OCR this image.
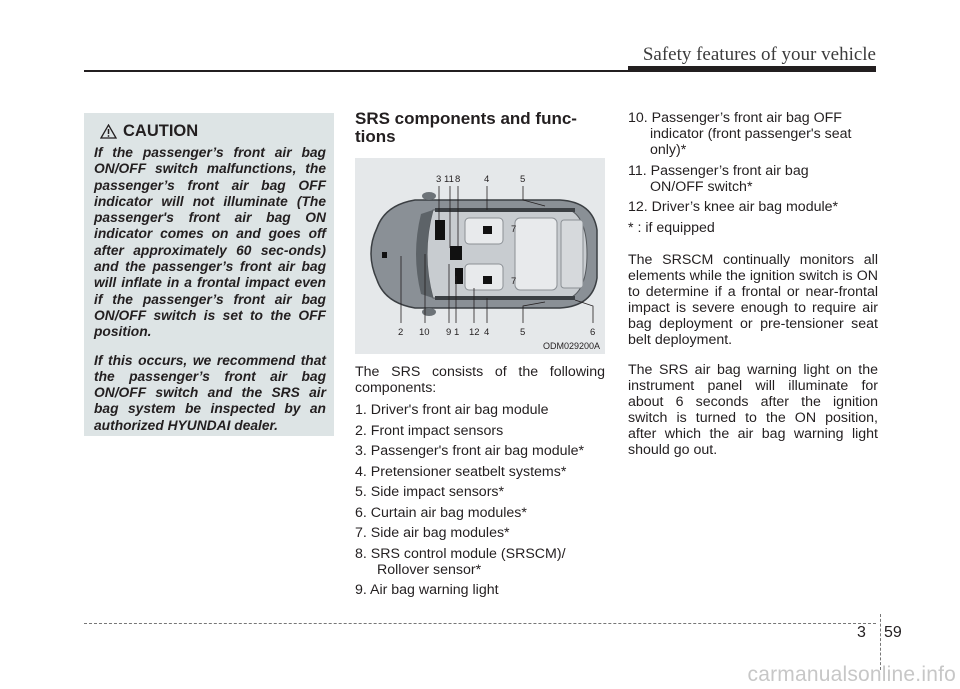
Safety features of your vehicle
CAUTION

If the passenger’s front air bag ON/OFF switch malfunctions, the passenger’s front air bag OFF indicator will not illuminate (The passenger's front air bag ON indicator comes on and goes off after approximately 60 sec-onds) and the passenger’s front air bag will inflate in a frontal impact even if the passenger’s front air bag ON/OFF switch is set to the OFF position.

If this occurs, we recommend that the passenger’s front air bag ON/OFF switch and the SRS air bag system be inspected by an authorized HYUNDAI dealer.

SRS components and func-tions
3 11 8 4	5
7
7
2 10 9 1 12 4	5	6
ODM029200A

The SRS consists of the following components:

1. Driver's front air bag module
2. Front impact sensors
3. Passenger's front air bag module*
4. Pretensioner seatbelt systems*
5. Side impact sensors*
6. Curtain air bag modules*
7. Side air bag modules*
8. SRS control module (SRSCM)/
Rollover sensor*
9. Air bag warning light
10. Passenger’s front air bag OFF
indicator (front passenger's seat only)*
11. Passenger’s front air bag
ON/OFF switch*
12. Driver’s knee air bag module*
* : if equipped

The SRSCM continually monitors all elements while the ignition switch is ON to determine if a frontal or near-frontal impact is severe enough to require air bag deployment or pre-tensioner seat belt deployment.

The SRS air bag warning light on the instrument panel will illuminate for about 6 seconds after the ignition switch is turned to the ON position, after which the air bag warning light should go out.

3 59
carmanualsonline.info
